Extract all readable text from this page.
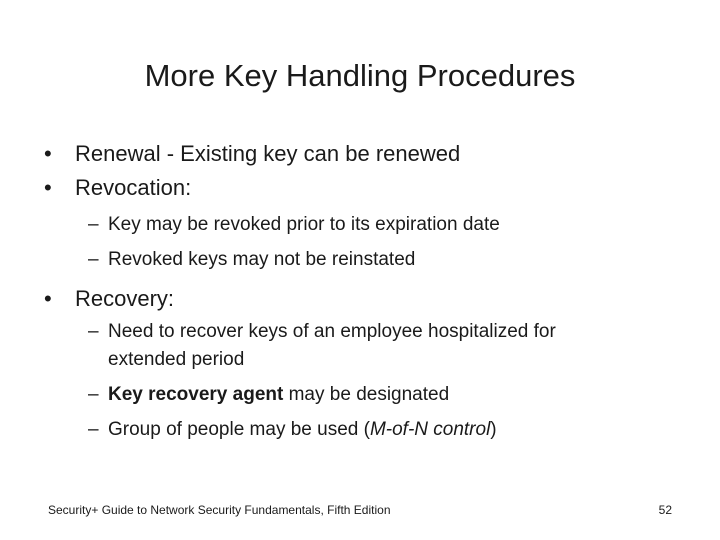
More Key Handling Procedures
• Renewal - Existing key can be renewed
• Revocation:
– Key may be revoked prior to its expiration date
– Revoked keys may not be reinstated
• Recovery:
– Need to recover keys of an employee hospitalized for
extended period
– Key recovery agent may be designated
– Group of people may be used (M-of-N control)
Security+ Guide to Network Security Fundamentals, Fifth Edition	52
